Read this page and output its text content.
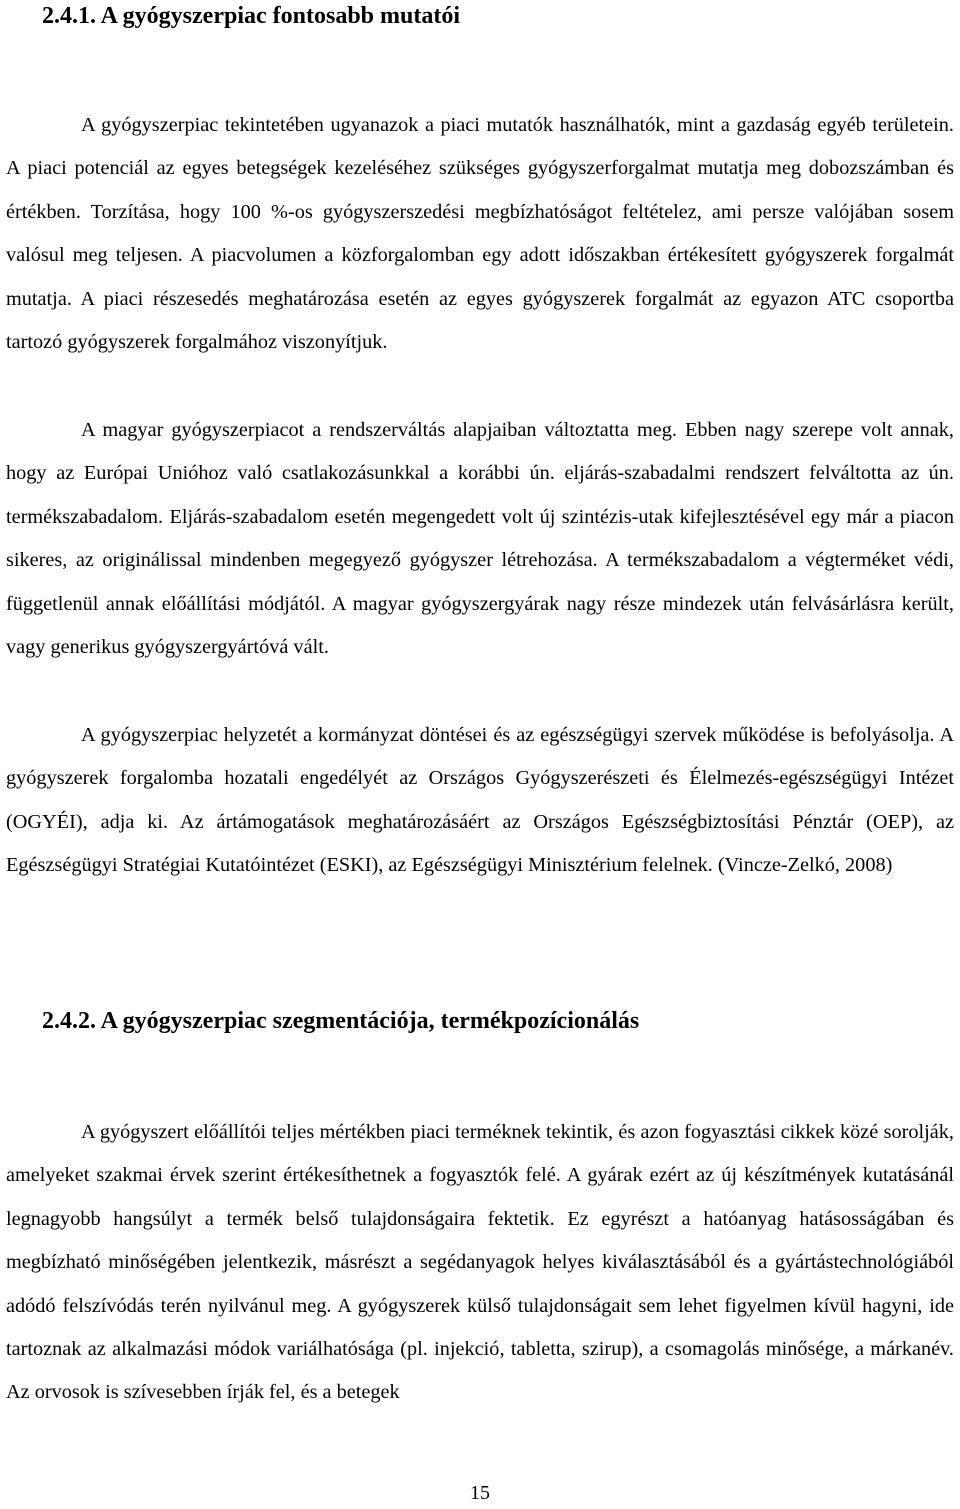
2.4.1. A gyógyszerpiac fontosabb mutatói

A gyógyszerpiac tekintetében ugyanazok a piaci mutatók használhatók, mint a gazdaság egyéb területein. A piaci potenciál az egyes betegségek kezeléséhez szükséges gyógyszerforgalmat mutatja meg dobozszámban és értékben. Torzítása, hogy 100 %-os gyógyszerszedési megbízhatóságot feltételez, ami persze valójában sosem valósul meg teljesen. A piacvolumen a közforgalomban egy adott időszakban értékesített gyógyszerek forgalmát mutatja. A piaci részesedés meghatározása esetén az egyes gyógyszerek forgalmát az egyazon ATC csoportba tartozó gyógyszerek forgalmához viszonyítjuk.

A magyar gyógyszerpiacot a rendszerváltás alapjaiban változtatta meg. Ebben nagy szerepe volt annak, hogy az Európai Unióhoz való csatlakozásunkkal a korábbi ún. eljárás-szabadalmi rendszert felváltotta az ún. termékszabadalom. Eljárás-szabadalom esetén megengedett volt új szintézis-utak kifejlesztésével egy már a piacon sikeres, az originálissal mindenben megegyező gyógyszer létrehozása. A termékszabadalom a végterméket védi, függetlenül annak előállítási módjától. A magyar gyógyszergyárak nagy része mindezek után felvásárlásra került, vagy generikus gyógyszergyártóvá vált.

A gyógyszerpiac helyzetét a kormányzat döntései és az egészségügyi szervek működése is befolyásolja. A gyógyszerek forgalomba hozatali engedélyét az Országos Gyógyszerészeti és Élelmezés-egészségügyi Intézet (OGYÉI), adja ki. Az ártámogatások meghatározásáért az Országos Egészségbiztosítási Pénztár (OEP), az Egészségügyi Stratégiai Kutatóintézet (ESKI), az Egészségügyi Minisztérium felelnek. (Vincze-Zelkó, 2008)

2.4.2. A gyógyszerpiac szegmentációja, termékpozícionálás

A gyógyszert előállítói teljes mértékben piaci terméknek tekintik, és azon fogyasztási cikkek közé sorolják, amelyeket szakmai érvek szerint értékesíthetnek a fogyasztók felé. A gyárak ezért az új készítmények kutatásánál legnagyobb hangsúlyt a termék belső tulajdonságaira fektetik. Ez egyrészt a hatóanyag hatásosságában és megbízható minőségében jelentkezik, másrészt a segédanyagok helyes kiválasztásából és a gyártástechnológiából adódó felszívódás terén nyilvánul meg. A gyógyszerek külső tulajdonságait sem lehet figyelmen kívül hagyni, ide tartoznak az alkalmazási módok variálhatósága (pl. injekció, tabletta, szirup), a csomagolás minősége, a márkanév. Az orvosok is szívesebben írják fel, és a betegek

15
